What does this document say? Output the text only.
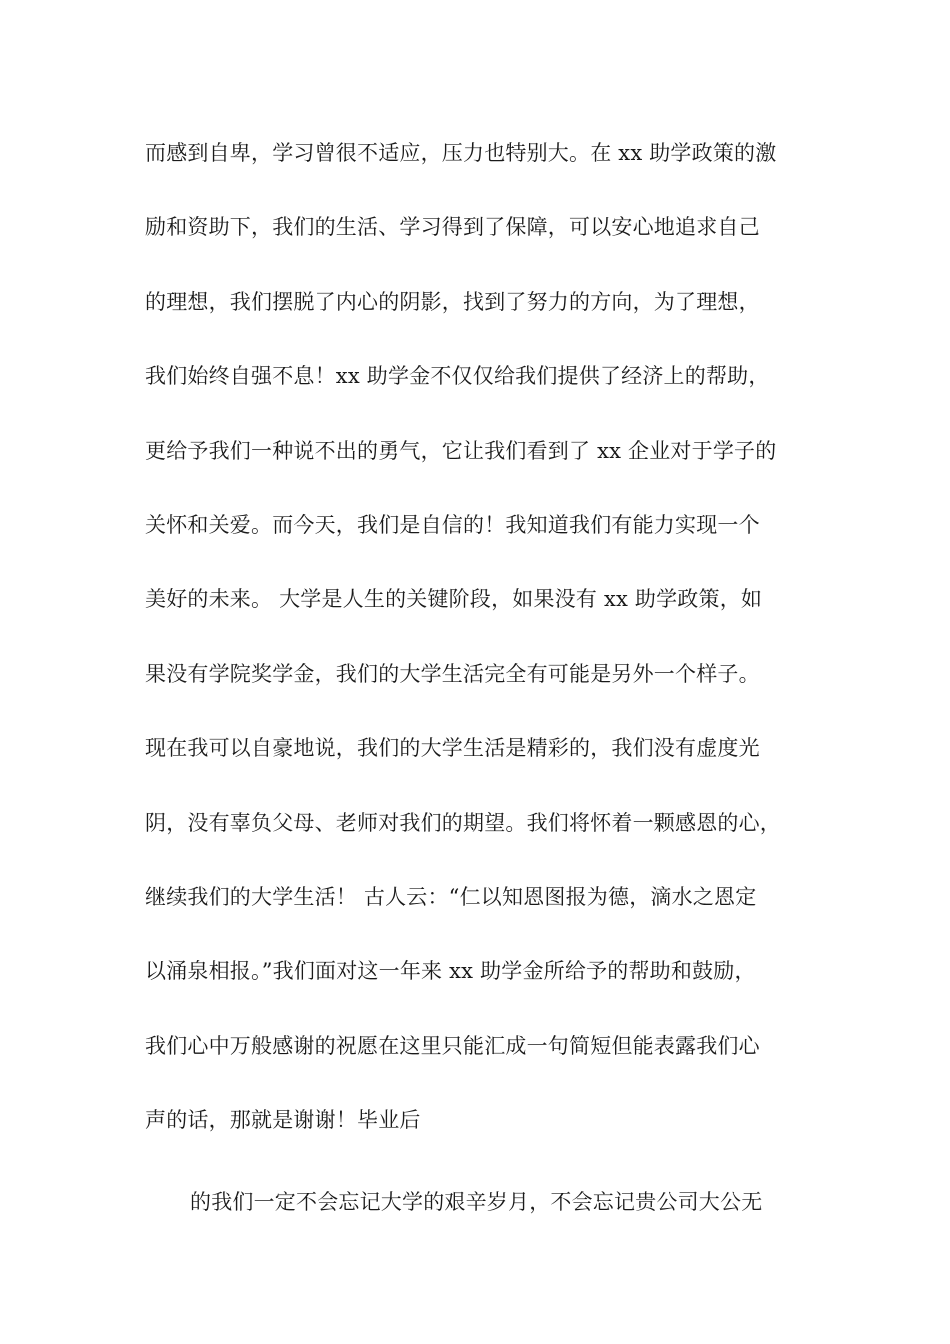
而感到自卑，学习曾很不适应，压力也特别大。在 xx 助学政策的激
励和资助下，我们的生活、学习得到了保障，可以安心地追求自己
的理想，我们摆脱了内心的阴影，找到了努力的方向，为了理想，
我们始终自强不息！xx 助学金不仅仅给我们提供了经济上的帮助，
更给予我们一种说不出的勇气，它让我们看到了 xx 企业对于学子的
关怀和关爱。而今天，我们是自信的！我知道我们有能力实现一个
美好的未来。 大学是人生的关键阶段，如果没有 xx 助学政策，如
果没有学院奖学金，我们的大学生活完全有可能是另外一个样子。
现在我可以自豪地说，我们的大学生活是精彩的，我们没有虚度光
阴，没有辜负父母、老师对我们的期望。我们将怀着一颗感恩的心，
继续我们的大学生活！ 古人云：“仁以知恩图报为德，滴水之恩定
以涌泉相报。”我们面对这一年来 xx 助学金所给予的帮助和鼓励，
我们心中万般感谢的祝愿在这里只能汇成一句简短但能表露我们心
声的话，那就是谢谢！毕业后
的我们一定不会忘记大学的艰辛岁月，不会忘记贵公司大公无
